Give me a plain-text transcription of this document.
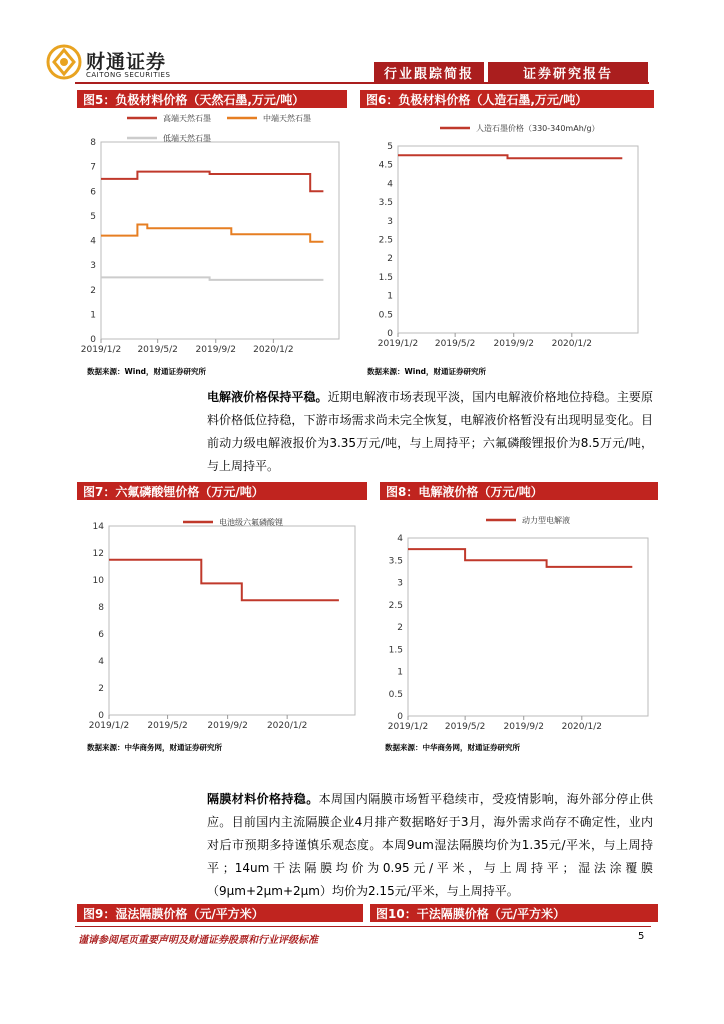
财通证券
CAITONG SECURITIES	行业跟踪简报	证券研究报告
图5：负极材料价格（天然石墨,万元/吨）	图6：负极材料价格（人造石墨,万元/吨）
0
1
2
3
4
5
6
7
8
2019/1/2 2019/5/2 2019/9/2 2020/1/2
高端天然石墨	中端天然石墨
低端天然石墨
0
0.5
1
1.5
2
2.5
3
3.5
4
4.5
5
2019/1/2 2019/5/2 2019/9/2 2020/1/2
人造石墨价格（330-340mAh/g）
数据来源：Wind，财通证券研究所	数据来源：Wind，财通证券研究所
电解液价格保持平稳。近期电解液市场表现平淡，国内电解液价格地位持稳。主要原料价格低位持稳，下游市场需求尚未完全恢复，电解液价格暂没有出现明显变化。目前动力级电解液报价为3.35万元/吨，与上周持平；六氟磷酸锂报价为8.5万元/吨，与上周持平。
图7：六氟磷酸锂价格（万元/吨）	图8：电解液价格（万元/吨）
0
2
4
6
8
10
12
14
2019/1/2 2019/5/2 2019/9/2 2020/1/2
电池级六氟磷酸锂
0
0.5
1
1.5
2
2.5
3
3.5
4
2019/1/2 2019/5/2 2019/9/2 2020/1/2
动力型电解液
数据来源：中华商务网，财通证券研究所	数据来源：中华商务网，财通证券研究所
隔膜材料价格持稳。本周国内隔膜市场暂平稳续市，受疫情影响，海外部分停止供应。目前国内主流隔膜企业4月排产数据略好于3月，海外需求尚存不确定性，业内对后市预期多持谨慎乐观态度。本周9um湿法隔膜均价为1.35元/平米，与上周持平；14um干法隔膜均价为0.95元/平米，与上周持平；湿法涂覆膜（9μm+2μm+2μm）均价为2.15元/平米，与上周持平。
图9：湿法隔膜价格（元/平方米）	图10：干法隔膜价格（元/平方米）
谨请参阅尾页重要声明及财通证券股票和行业评级标准	5
